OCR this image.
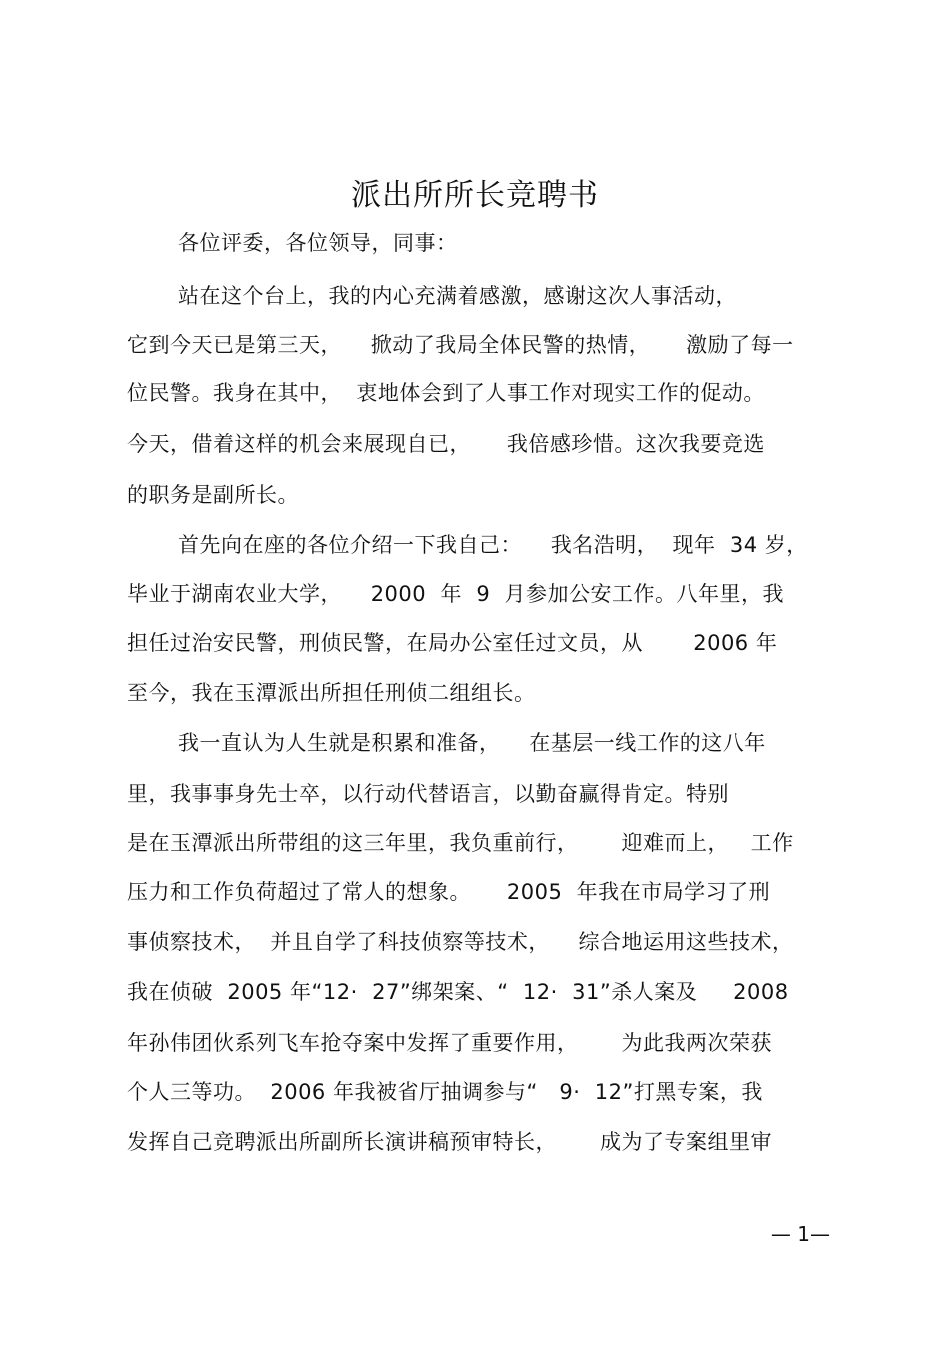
派出所所长竞聘书
各位评委，各位领导，同事：
站在这个台上，我的内心充满着感激，感谢这次人事活动，
它到今天已是第三天，    掀动了我局全体民警的热情，     激励了每一
位民警。我身在其中，  衷地体会到了人事工作对现实工作的促动。
今天，借着这样的机会来展现自已，     我倍感珍惜。这次我要竞选
的职务是副所长。
首先向在座的各位介绍一下我自己：    我名浩明，  现年  34 岁，
毕业于湖南农业大学，    2000  年  9  月参加公安工作。八年里，我
担任过治安民警，刑侦民警，在局办公室任过文员，从       2006 年
至今，我在玉潭派出所担任刑侦二组组长。
我一直认为人生就是积累和准备，    在基层一线工作的这八年
里，我事事身先士卒，以行动代替语言，以勤奋赢得肯定。特别
是在玉潭派出所带组的这三年里，我负重前行，      迎难而上，   工作
压力和工作负荷超过了常人的想象。     2005  年我在市局学习了刑
事侦察技术，  并且自学了科技侦察等技术，    综合地运用这些技术，
我在侦破  2005 年“12·  27”绑架案、“  12·  31”杀人案及     2008
年孙伟团伙系列飞车抢夺案中发挥了重要作用，      为此我两次荣获
个人三等功。  2006 年我被省厅抽调参与“   9·  12”打黑专案，我
发挥自己竞聘派出所副所长演讲稿预审特长，      成为了专案组里审
— 1—
